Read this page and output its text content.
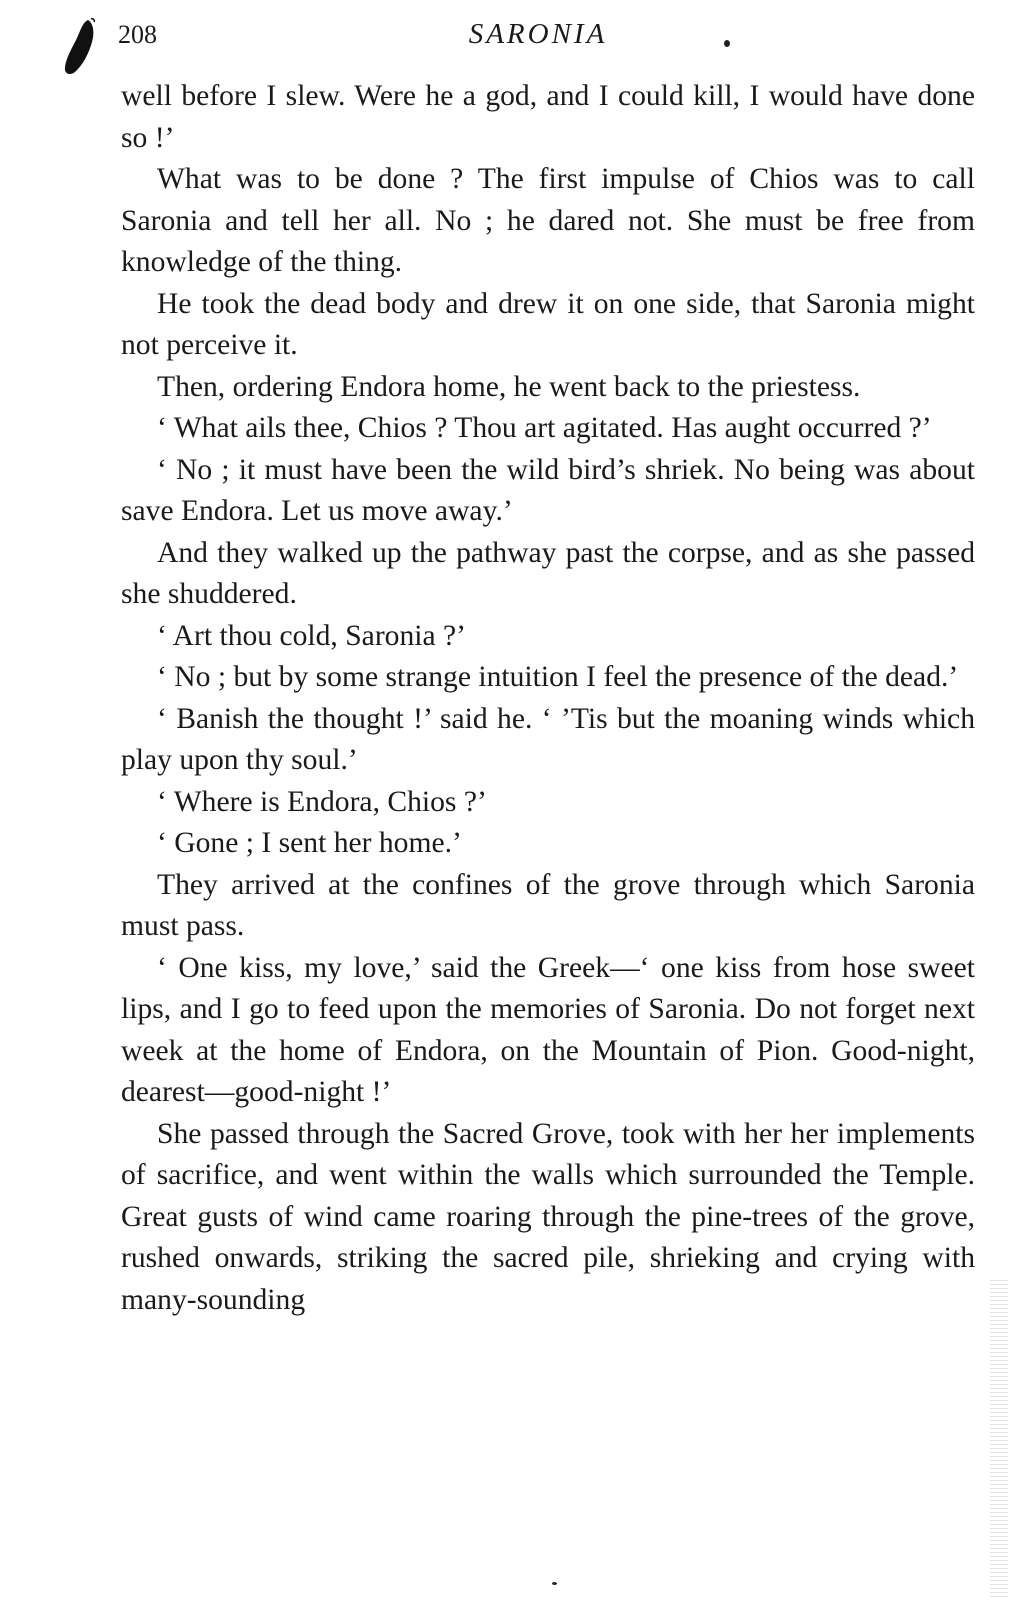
208	SARONIA

well before I slew. Were he a god, and I could kill, I would have done so !’

What was to be done ? The first impulse of Chios was to call Saronia and tell her all. No ; he dared not. She must be free from knowledge of the thing.

He took the dead body and drew it on one side, that Saronia might not perceive it.

Then, ordering Endora home, he went back to the priestess.

‘ What ails thee, Chios ? Thou art agitated. Has aught occurred ?’

‘ No ; it must have been the wild bird’s shriek. No being was about save Endora. Let us move away.’

And they walked up the pathway past the corpse, and as she passed she shuddered.

‘ Art thou cold, Saronia ?’

‘ No ; but by some strange intuition I feel the presence of the dead.’

‘ Banish the thought !’ said he. ‘ ’Tis but the moaning winds which play upon thy soul.’

‘ Where is Endora, Chios ?’

‘ Gone ; I sent her home.’

They arrived at the confines of the grove through which Saronia must pass.

‘ One kiss, my love,’ said the Greek—‘ one kiss from hose sweet lips, and I go to feed upon the memories of Saronia. Do not forget next week at the home of Endora, on the Mountain of Pion. Good-night, dearest—good-night !’

She passed through the Sacred Grove, took with her her implements of sacrifice, and went within the walls which surrounded the Temple. Great gusts of wind came roaring through the pine-trees of the grove, rushed onwards, striking the sacred pile, shrieking and crying with many-sounding
